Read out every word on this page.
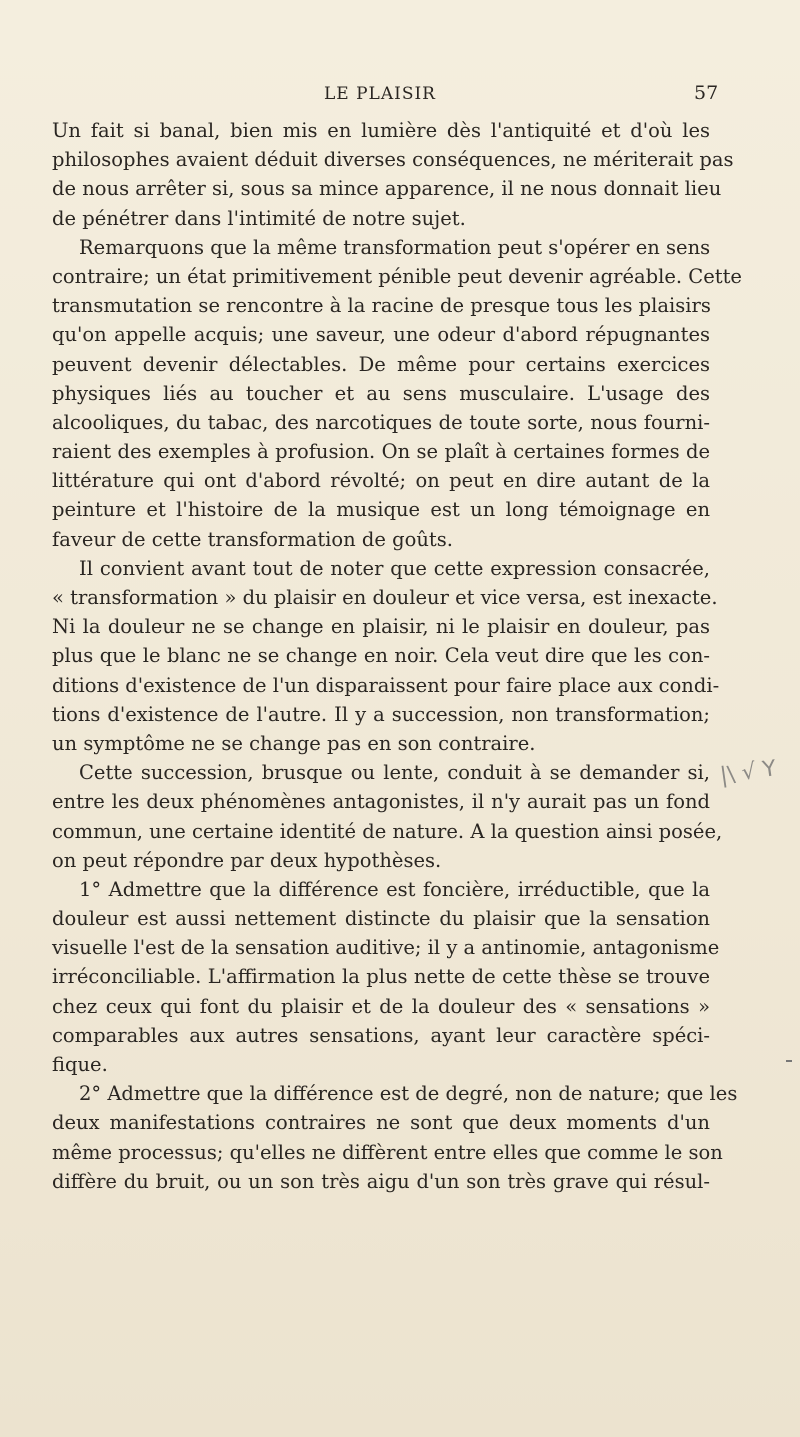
LE PLAISIR	57
Un fait si banal, bien mis en lumière dès l'antiquité et d'où les
philosophes avaient déduit diverses conséquences, ne mériterait pas
de nous arrêter si, sous sa mince apparence, il ne nous donnait lieu
de pénétrer dans l'intimité de notre sujet.
Remarquons que la même transformation peut s'opérer en sens
contraire; un état primitivement pénible peut devenir agréable. Cette
transmutation se rencontre à la racine de presque tous les plaisirs
qu'on appelle acquis; une saveur, une odeur d'abord répugnantes
peuvent devenir délectables. De même pour certains exercices
physiques liés au toucher et au sens musculaire. L'usage des
alcooliques, du tabac, des narcotiques de toute sorte, nous fourni-
raient des exemples à profusion. On se plaît à certaines formes de
littérature qui ont d'abord révolté; on peut en dire autant de la
peinture et l'histoire de la musique est un long témoignage en
faveur de cette transformation de goûts.
Il convient avant tout de noter que cette expression consacrée,
« transformation » du plaisir en douleur et vice versa, est inexacte.
Ni la douleur ne se change en plaisir, ni le plaisir en douleur, pas
plus que le blanc ne se change en noir. Cela veut dire que les con-
ditions d'existence de l'un disparaissent pour faire place aux condi-
tions d'existence de l'autre. Il y a succession, non transformation;
un symptôme ne se change pas en son contraire.
Cette succession, brusque ou lente, conduit à se demander si,
entre les deux phénomènes antagonistes, il n'y aurait pas un fond
commun, une certaine identité de nature. A la question ainsi posée,
on peut répondre par deux hypothèses.
1° Admettre que la différence est foncière, irréductible, que la
douleur est aussi nettement distincte du plaisir que la sensation
visuelle l'est de la sensation auditive; il y a antinomie, antagonisme
irréconciliable. L'affirmation la plus nette de cette thèse se trouve
chez ceux qui font du plaisir et de la douleur des « sensations »
comparables aux autres sensations, ayant leur caractère spéci-
fique.
2° Admettre que la différence est de degré, non de nature; que les
deux manifestations contraires ne sont que deux moments d'un
même processus; qu'elles ne diffèrent entre elles que comme le son
diffère du bruit, ou un son très aigu d'un son très grave qui résul-
|\ √ Y
